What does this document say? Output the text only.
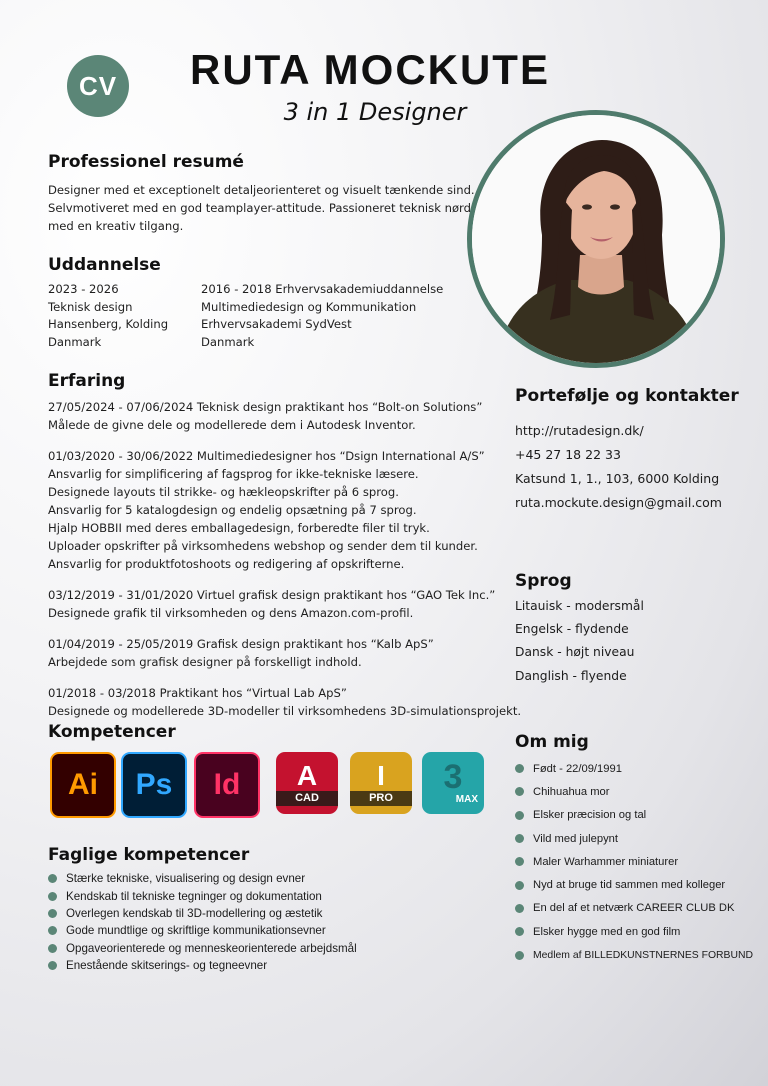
CV	RUTA MOCKUTE
3 in 1 Designer
Professionel resumé
Designer med et exceptionelt detaljeorienteret og visuelt tænkende sind.
Selvmotiveret med en god teamplayer-attitude. Passioneret teknisk nørd
med en kreativ tilgang.
Uddannelse
2023 - 2026
Teknisk design
Hansenberg, Kolding
Danmark
2016 - 2018 Erhvervsakademiuddannelse
Multimediedesign og Kommunikation
Erhvervsakademi SydVest
Danmark
Erfaring
27/05/2024 - 07/06/2024 Teknisk design praktikant hos “Bolt-on Solutions”
Målede de givne dele og modellerede dem i Autodesk Inventor.
01/03/2020 - 30/06/2022 Multimediedesigner hos “Dsign International A/S”
Ansvarlig for simplificering af fagsprog for ikke-tekniske læsere.
Designede layouts til strikke- og hækleopskrifter på 6 sprog.
Ansvarlig for 5 katalogdesign og endelig opsætning på 7 sprog.
Hjalp HOBBII med deres emballagedesign, forberedte filer til tryk.
Uploader opskrifter på virksomhedens webshop og sender dem til kunder.
Ansvarlig for produktfotoshoots og redigering af opskrifterne.
03/12/2019 - 31/01/2020 Virtuel grafisk design praktikant hos “GAO Tek Inc.”
Designede grafik til virksomheden og dens Amazon.com-profil.
01/04/2019 - 25/05/2019 Grafisk design praktikant hos “Kalb ApS”
Arbejdede som grafisk designer på forskelligt indhold.
01/2018 - 03/2018 Praktikant hos “Virtual Lab ApS”
Designede og modellerede 3D-modeller til virksomhedens 3D-simulationsprojekt.
Kompetencer
Ai Ps Id A
CAD
I
PRO
3
MAX
Faglige kompetencer
Stærke tekniske, visualisering og design evner
Kendskab til tekniske tegninger og dokumentation
Overlegen kendskab til 3D-modellering og æstetik
Gode mundtlige og skriftlige kommunikationsevner
Opgaveorienterede og menneskeorienterede arbejdsmål
Enestående skitserings- og tegneevner
Portefølje og kontakter
http://rutadesign.dk/
+45 27 18 22 33
Katsund 1, 1., 103, 6000 Kolding
ruta.mockute.design@gmail.com
Sprog
Litauisk - modersmål
Engelsk - flydende
Dansk - højt niveau
Danglish - flyende
Om mig
Født - 22/09/1991
Chihuahua mor
Elsker præcision og tal
Vild med julepynt
Maler Warhammer miniaturer
Nyd at bruge tid sammen med kolleger
En del af et netværk CAREER CLUB DK
Elsker hygge med en god film
Medlem af BILLEDKUNSTNERNES FORBUND
